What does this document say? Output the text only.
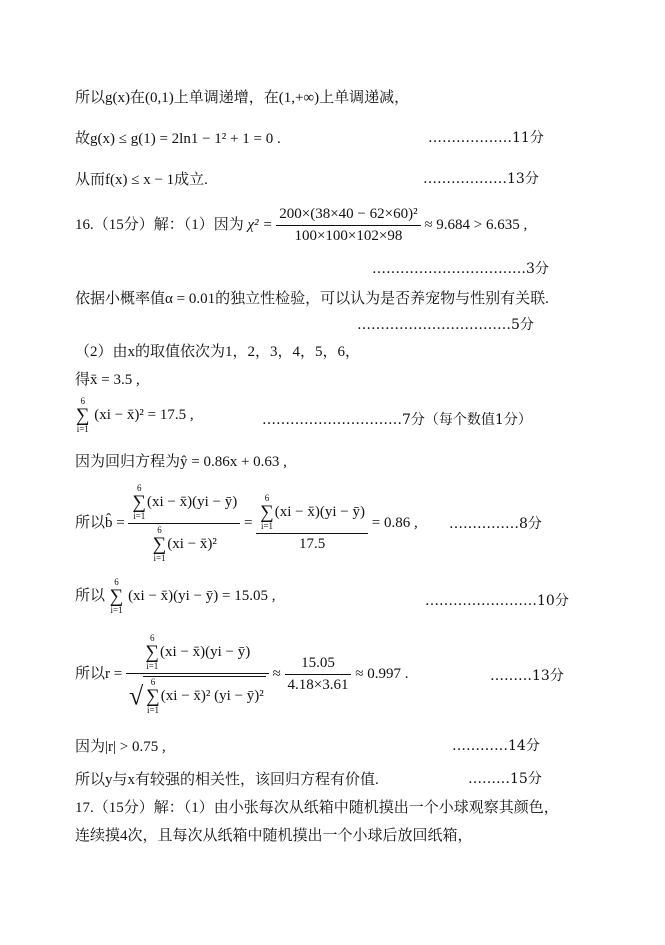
所以g(x)在(0,1)上单调递增，在(1,+∞)上单调递减，
故g(x) ≤ g(1) = 2ln1 − 1² + 1 = 0 .	………………11分
从而f(x) ≤ x − 1成立.	………………13分
16.（15分）解：（1）因为 $\chi^2 = \frac{\text{200×(38×40 − 62×60)²}}{100\times 100\times 102\times 98} \approx 9.684 > 6.635$ ,
……………………………3分
依据小概率值α = 0.01的独立性检验，可以认为是否养宠物与性别有关联.
……………………………5分
（2）由x的取值依次为1，2，3，4，5，6，
得x̄ = 3.5 ,
6
∑
i=1
(xi − x̄)² = 17.5 ,	…………………………7分（每个数值1分）
因为回归方程为ŷ = 0.86x + 0.63 ,
所以b̂ = 6
∑
i=1
(xi − x̄)(yi − ȳ)
6
∑
i=1
(xi − x̄)² = 6
∑
i=1
(xi − x̄)(yi − ȳ)
17.5 = 0.86 , ……………8分
所以
6
∑
i=1
(xi − x̄)(yi − ȳ) = 15.05 ,	……………………10分
所以r = 6
∑
i=1
(xi − x̄)(yi − ȳ)
√ 6
∑
i=1
(xi − x̄)² (yi − ȳ)² ≈ $\frac{15.05}{4.18\times 3.61} \approx 0.997$ .	………13分
因为|r| > 0.75 ,	…………14分
所以y与x有较强的相关性，该回归方程有价值.	………15分
17.（15分）解：（1）由小张每次从纸箱中随机摸出一个小球观察其颜色，
连续摸4次，且每次从纸箱中随机摸出一个小球后放回纸箱，
